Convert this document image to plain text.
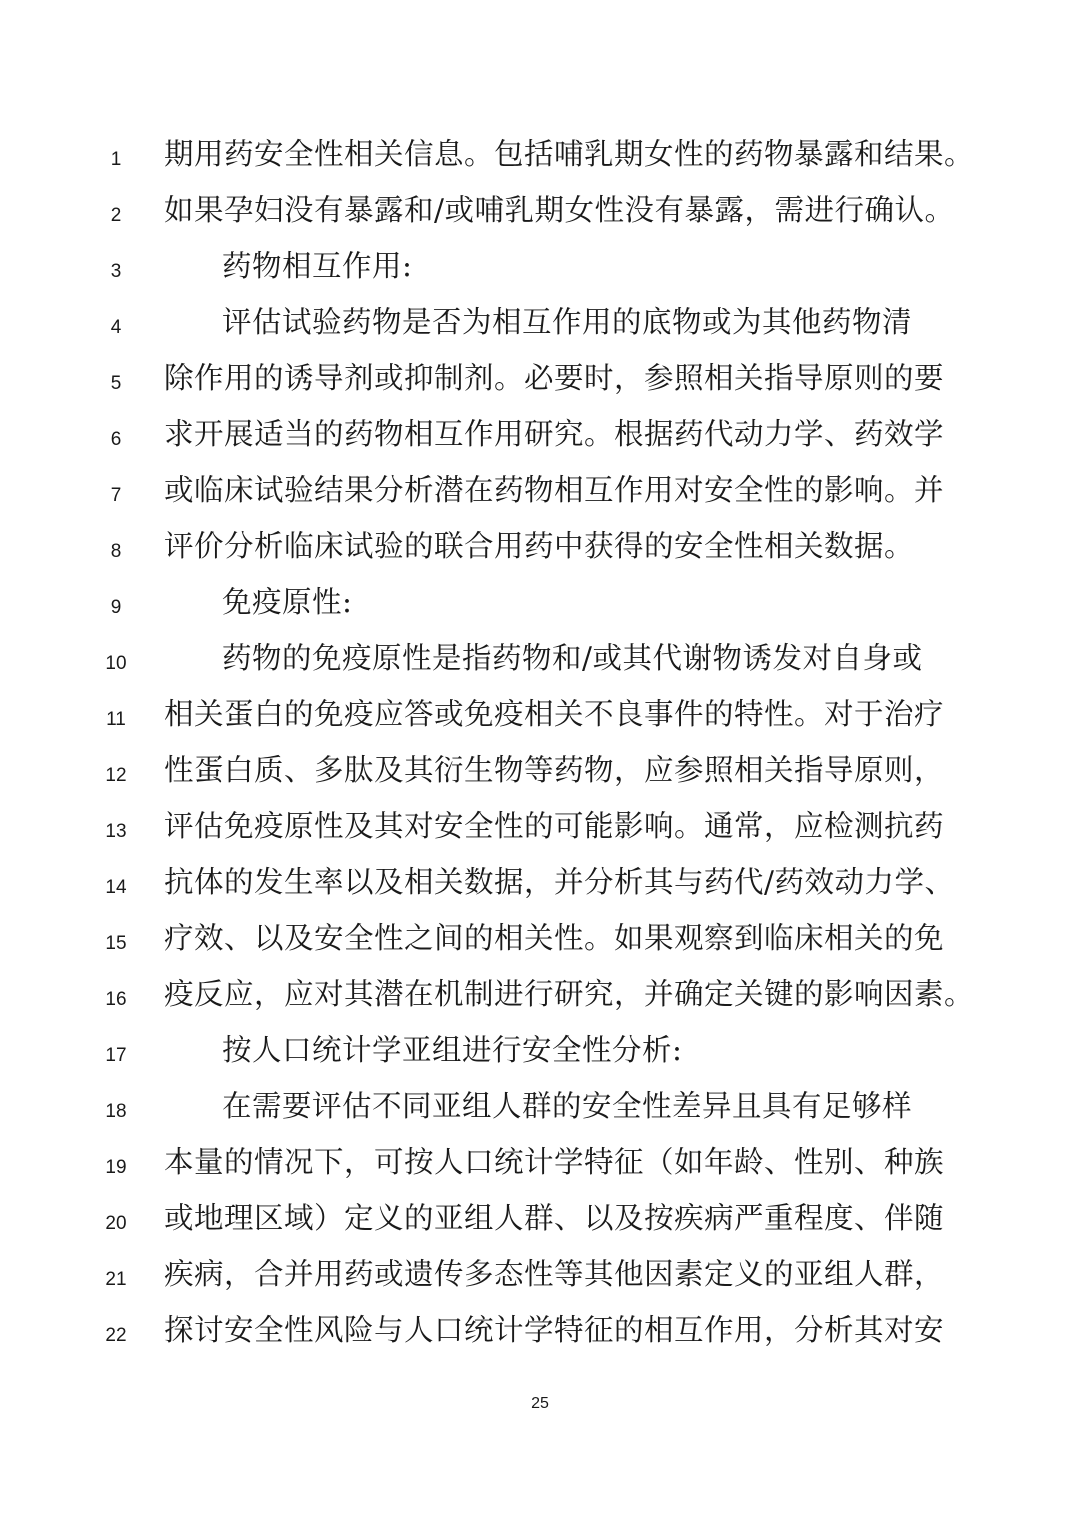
1	期用药安全性相关信息。包括哺乳期女性的药物暴露和结果。
2	如果孕妇没有暴露和/或哺乳期女性没有暴露，需进行确认。
3	药物相互作用:
4	评估试验药物是否为相互作用的底物或为其他药物清
5	除作用的诱导剂或抑制剂。必要时，参照相关指导原则的要
6	求开展适当的药物相互作用研究。根据药代动力学、药效学
7	或临床试验结果分析潜在药物相互作用对安全性的影响。并
8	评价分析临床试验的联合用药中获得的安全性相关数据。
9	免疫原性:
10	药物的免疫原性是指药物和/或其代谢物诱发对自身或
11	相关蛋白的免疫应答或免疫相关不良事件的特性。对于治疗
12	性蛋白质、多肽及其衍生物等药物，应参照相关指导原则，
13	评估免疫原性及其对安全性的可能影响。通常，应检测抗药
14	抗体的发生率以及相关数据，并分析其与药代/药效动力学、
15	疗效、以及安全性之间的相关性。如果观察到临床相关的免
16	疫反应，应对其潜在机制进行研究，并确定关键的影响因素。
17	按人口统计学亚组进行安全性分析:
18	在需要评估不同亚组人群的安全性差异且具有足够样
19	本量的情况下，可按人口统计学特征（如年龄、性别、种族
20	或地理区域）定义的亚组人群、以及按疾病严重程度、伴随
21	疾病，合并用药或遗传多态性等其他因素定义的亚组人群，
22	探讨安全性风险与人口统计学特征的相互作用，分析其对安
25
